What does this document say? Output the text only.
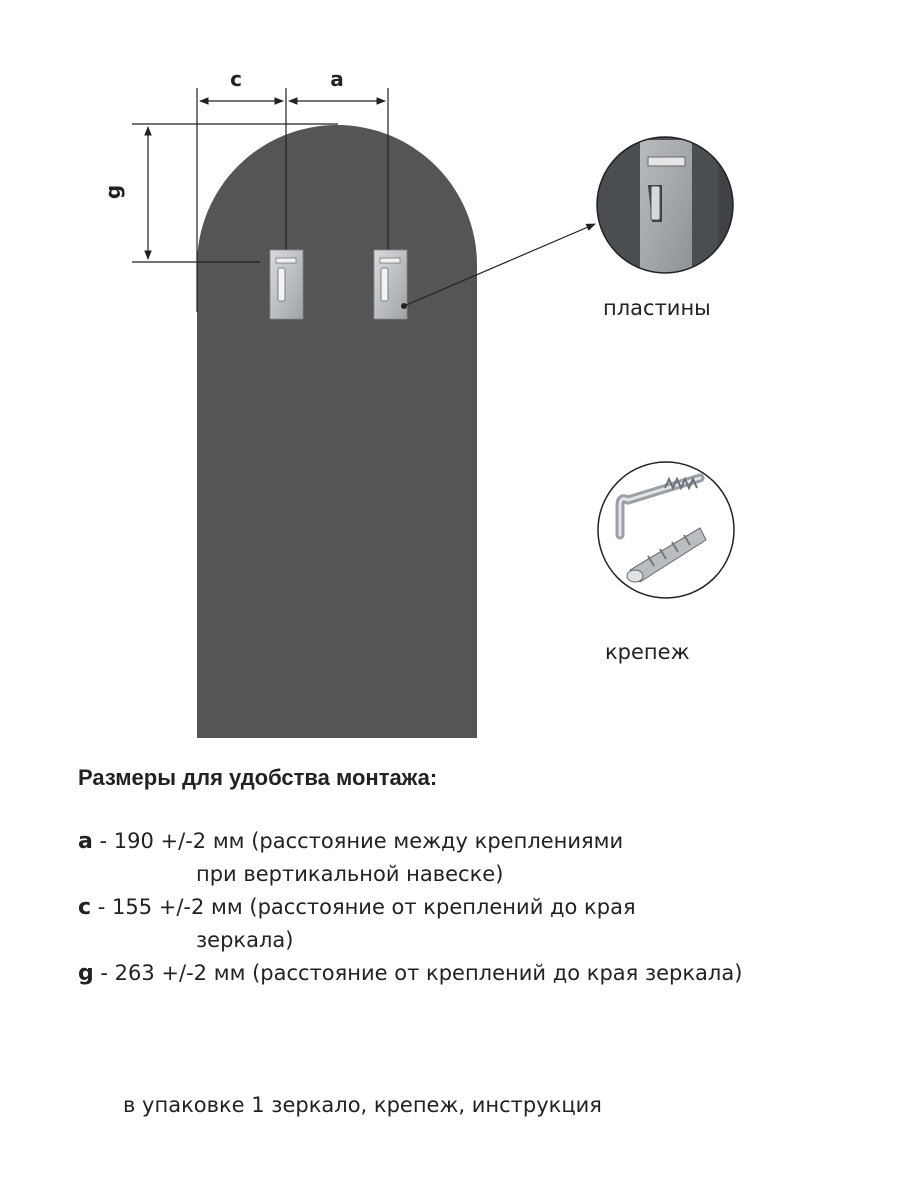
c	a
g
пластины
крепеж
Размеры для удобства монтажа:
a - 190 +/-2 мм (расстояние между креплениями
при вертикальной навеске)
c - 155 +/-2 мм (расстояние от креплений до края
зеркала)
g - 263 +/-2 мм (расстояние от креплений до края зеркала)
в упаковке 1 зеркало, крепеж, инструкция
